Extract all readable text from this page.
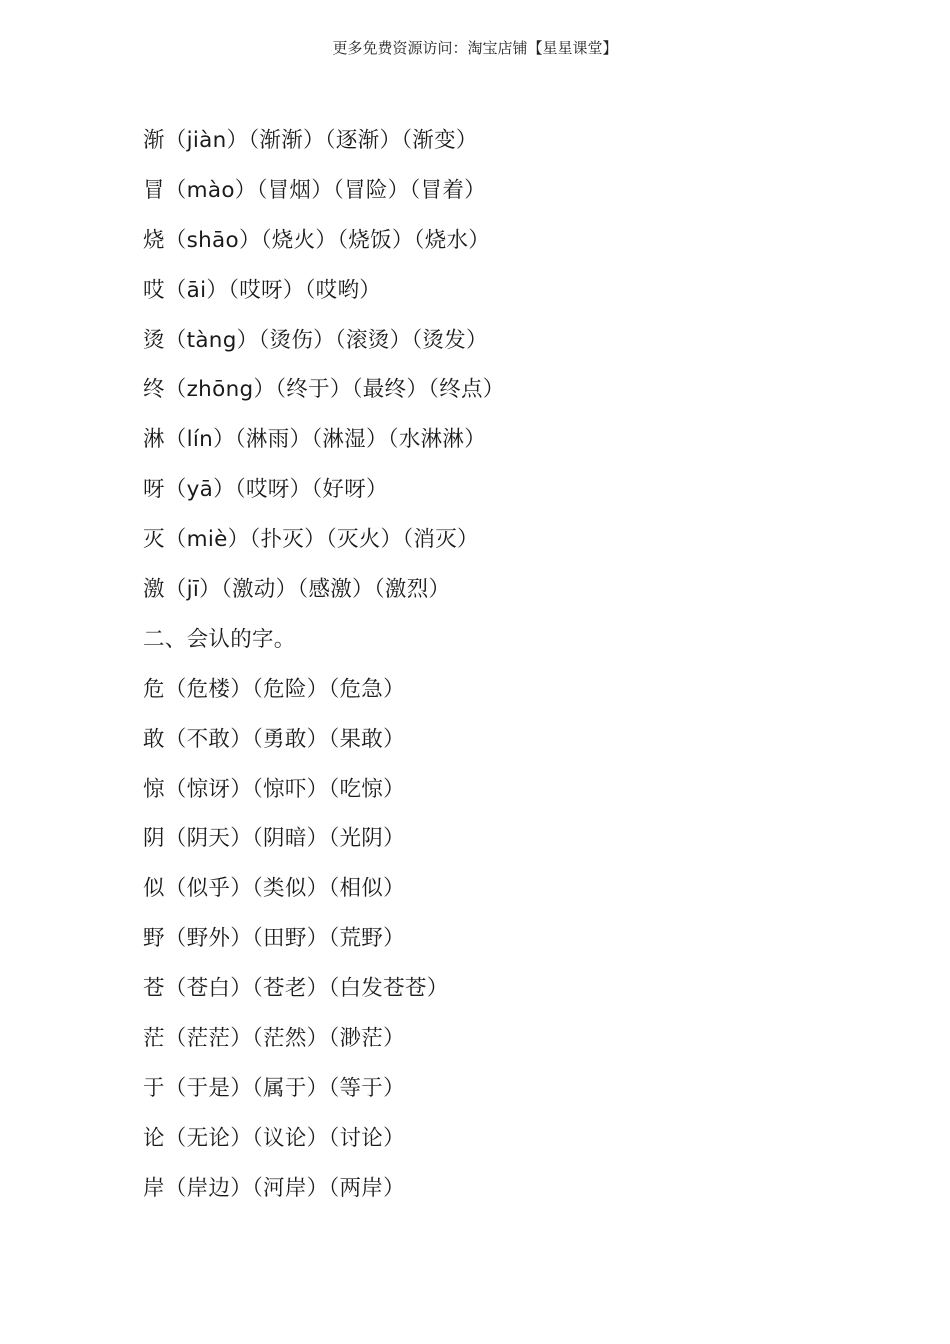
更多免费资源访问：淘宝店铺【星星课堂】
渐（jiàn）（渐渐）（逐渐）（渐变）
冒（mào）（冒烟）（冒险）（冒着）
烧（shāo）（烧火）（烧饭）（烧水）
哎（āi）（哎呀）（哎哟）
烫（tàng）（烫伤）（滚烫）（烫发）
终（zhōng）（终于）（最终）（终点）
淋（lín）（淋雨）（淋湿）（水淋淋）
呀（yā）（哎呀）（好呀）
灭（miè）（扑灭）（灭火）（消灭）
激（jī）（激动）（感激）（激烈）
二、会认的字。
危（危楼）（危险）（危急）
敢（不敢）（勇敢）（果敢）
惊（惊讶）（惊吓）（吃惊）
阴（阴天）（阴暗）（光阴）
似（似乎）（类似）（相似）
野（野外）（田野）（荒野）
苍（苍白）（苍老）（白发苍苍）
茫（茫茫）（茫然）（渺茫）
于（于是）（属于）（等于）
论（无论）（议论）（讨论）
岸（岸边）（河岸）（两岸）
